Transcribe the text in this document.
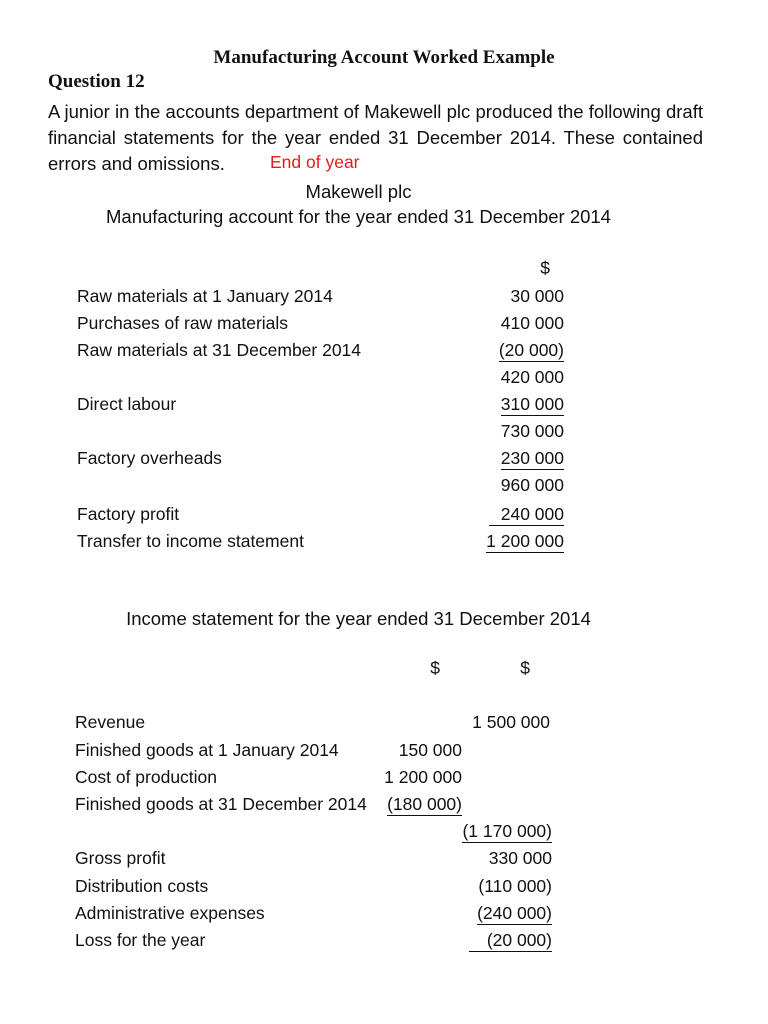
Manufacturing Account Worked Example
Question 12
A junior in the accounts department of Makewell plc produced the following draft financial statements for the year ended 31 December 2014. These contained errors and omissions.	End of year
Makewell plc
Manufacturing account for the year ended 31 December 2014
$
Raw materials at 1 January 2014	30 000
Purchases of raw materials	410 000
Raw materials at 31 December 2014	(20 000)
420 000
Direct labour	310 000
730 000
Factory overheads	230 000
960 000
Factory profit	240 000
Transfer to income statement	1 200 000
Income statement for the year ended 31 December 2014
$	$
Revenue	1 500 000
Finished goods at 1 January 2014	150 000
Cost of production	1 200 000
Finished goods at 31 December 2014 (180 000)
(1 170 000)
Gross profit	330 000
Distribution costs	(110 000)
Administrative expenses	(240 000)
Loss for the year	(20 000)
